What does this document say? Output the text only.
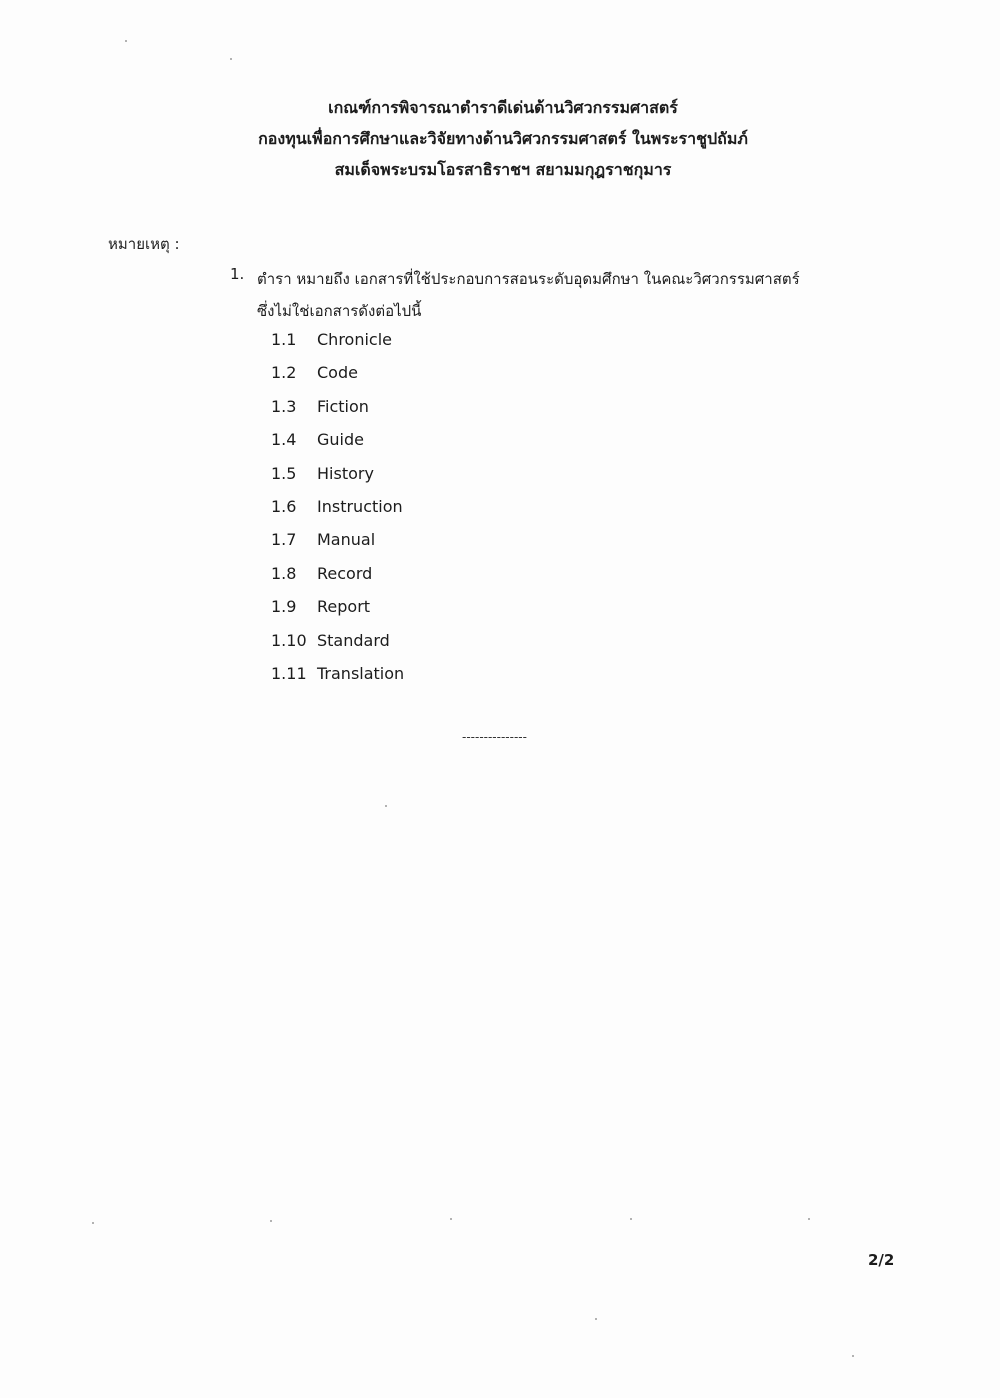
เกณฑ์การพิจารณาตำราดีเด่นด้านวิศวกรรมศาสตร์
กองทุนเพื่อการศึกษาและวิจัยทางด้านวิศวกรรมศาสตร์ ในพระราชูปถัมภ์
สมเด็จพระบรมโอรสาธิราชฯ สยามมกุฎราชกุมาร
หมายเหตุ :
1. ตำรา หมายถึง เอกสารที่ใช้ประกอบการสอนระดับอุดมศึกษา ในคณะวิศวกรรมศาสตร์
ซึ่งไม่ใช่เอกสารดังต่อไปนี้
1.1 Chronicle
1.2 Code
1.3 Fiction
1.4 Guide
1.5 History
1.6 Instruction
1.7 Manual
1.8 Record
1.9 Report
1.10 Standard
1.11 Translation
---------------
2/2
